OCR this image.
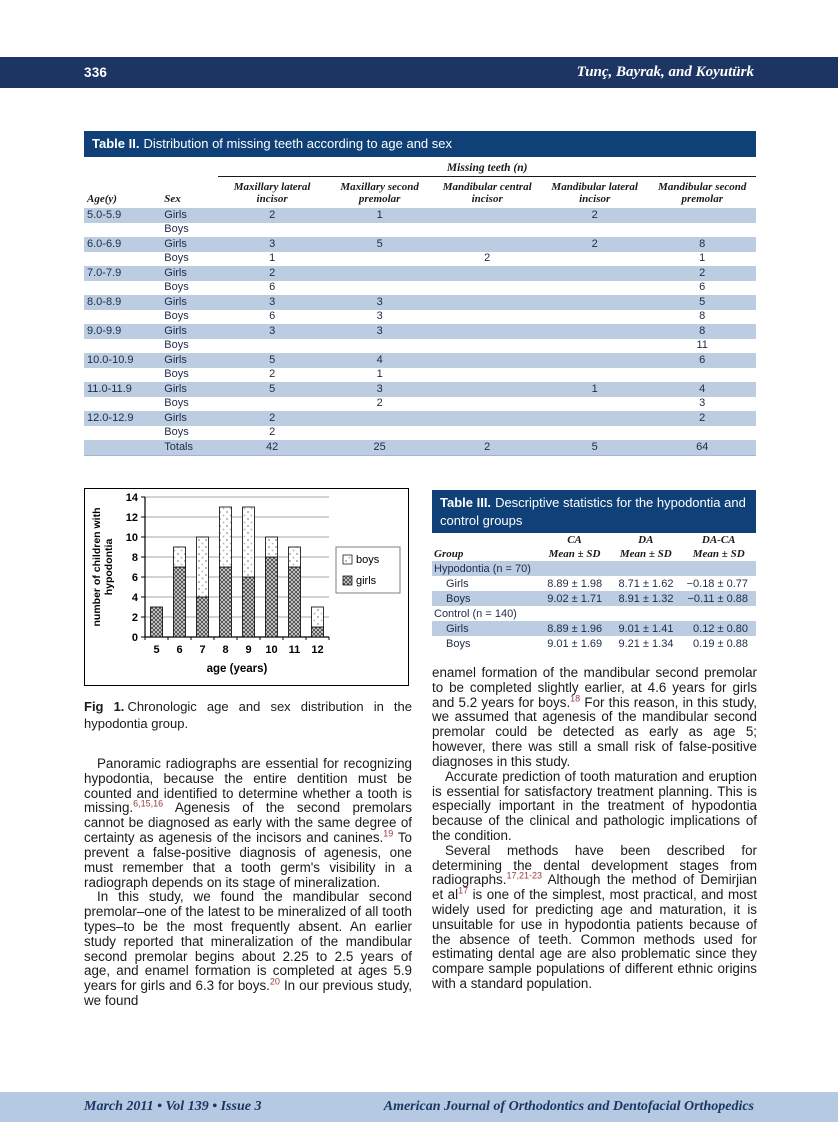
336	Tunç, Bayrak, and Koyutürk
Table II. Distribution of missing teeth according to age and sex
		Missing teeth (n)				
Age(y)	Sex	Maxillary lateral incisor	Maxillary second premolar	Mandibular central incisor	Mandibular lateral incisor	Mandibular second premolar
5.0-5.9	Girls	2	1		2	
	Boys					
6.0-6.9	Girls	3	5		2	8
	Boys	1		2		1
7.0-7.9	Girls	2				2
	Boys	6				6
8.0-8.9	Girls	3	3			5
	Boys	6	3			8
9.0-9.9	Girls	3	3			8
	Boys					11
10.0-10.9	Girls	5	4			6
	Boys	2	1			
11.0-11.9	Girls	5	3		1	4
	Boys		2			3
12.0-12.9	Girls	2				2
	Boys	2				
	Totals	42	25	2	5	64
0
2
4
6
8
10
12
14
5 6 7 8 9 10 11 12
age (years)
number of children with hypodontia	boys
girls
Fig 1. Chronologic age and sex distribution in the hypodontia group.
Table III. Descriptive statistics for the hypodontia and control groups
	CA	DA	DA-CA
Group	Mean ± SD	Mean ± SD	Mean ± SD
Hypodontia (n = 70)			
Girls	8.89 ± 1.98	8.71 ± 1.62	−0.18 ± 0.77
Boys	9.02 ± 1.71	8.91 ± 1.32	−0.11 ± 0.88
Control (n = 140)			
Girls	8.89 ± 1.96	9.01 ± 1.41	0.12 ± 0.80
Boys	9.01 ± 1.69	9.21 ± 1.34	0.19 ± 0.88

Panoramic radiographs are essential for recognizing hypodontia, because the entire dentition must be counted and identified to determine whether a tooth is missing.$^{6,15,16}$ Agenesis of the second premolars cannot be diagnosed as early with the same degree of certainty as agenesis of the incisors and canines.$^{19}$ To prevent a false-positive diagnosis of agenesis, one must remember that a tooth germ's visibility in a radiograph depends on its stage of mineralization.

In this study, we found the mandibular second premolar–one of the latest to be mineralized of all tooth types–to be the most frequently absent. An earlier study reported that mineralization of the mandibular second premolar begins about 2.25 to 2.5 years of age, and enamel formation is completed at ages 5.9 years for girls and 6.3 for boys.$^{20}$ In our previous study, we found

enamel formation of the mandibular second premolar to be completed slightly earlier, at 4.6 years for girls and 5.2 years for boys.$^{18}$ For this reason, in this study, we assumed that agenesis of the mandibular second premolar could be detected as early as age 5; however, there was still a small risk of false-positive diagnoses in this study.

Accurate prediction of tooth maturation and eruption is essential for satisfactory treatment planning. This is especially important in the treatment of hypodontia because of the clinical and pathologic implications of the condition.

Several methods have been described for determining the dental development stages from radiographs.$^{17,21-23}$ Although the method of Demirjian et al$^{17}$ is one of the simplest, most practical, and most widely used for predicting age and maturation, it is unsuitable for use in hypodontia patients because of the absence of teeth. Common methods used for estimating dental age are also problematic since they compare sample populations of different ethnic origins with a standard population.

March 2011 • Vol 139 • Issue 3	American Journal of Orthodontics and Dentofacial Orthopedics
